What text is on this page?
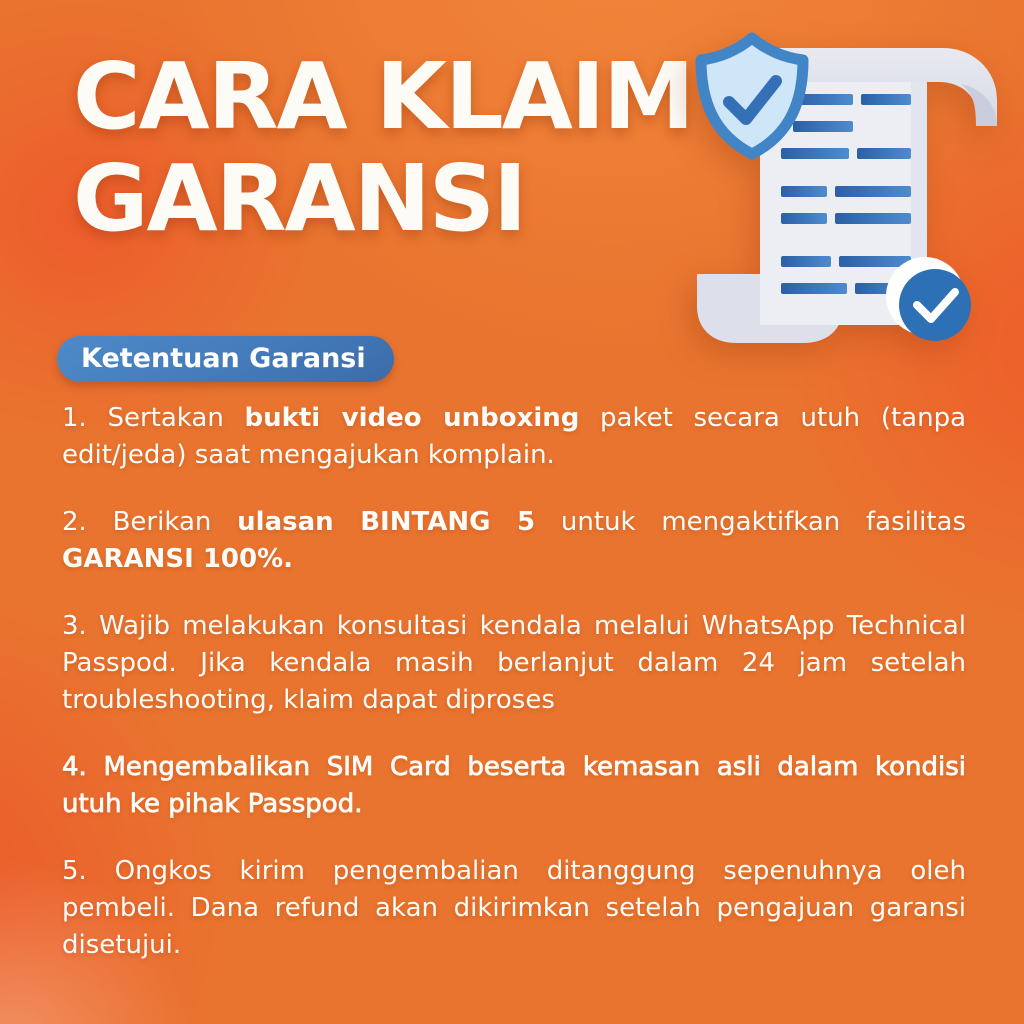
CARA KLAIM
GARANSI
Ketentuan Garansi

1. Sertakan bukti video unboxing paket secara utuh (tanpa edit/jeda) saat mengajukan komplain.

2. Berikan ulasan BINTANG 5 untuk mengaktifkan fasilitas GARANSI 100%.

3. Wajib melakukan konsultasi kendala melalui WhatsApp Technical Passpod. Jika kendala masih berlanjut dalam 24 jam setelah troubleshooting, klaim dapat diproses

4. Mengembalikan SIM Card beserta kemasan asli dalam kondisi utuh ke pihak Passpod.

5. Ongkos kirim pengembalian ditanggung sepenuhnya oleh pembeli. Dana refund akan dikirimkan setelah pengajuan garansi disetujui.
